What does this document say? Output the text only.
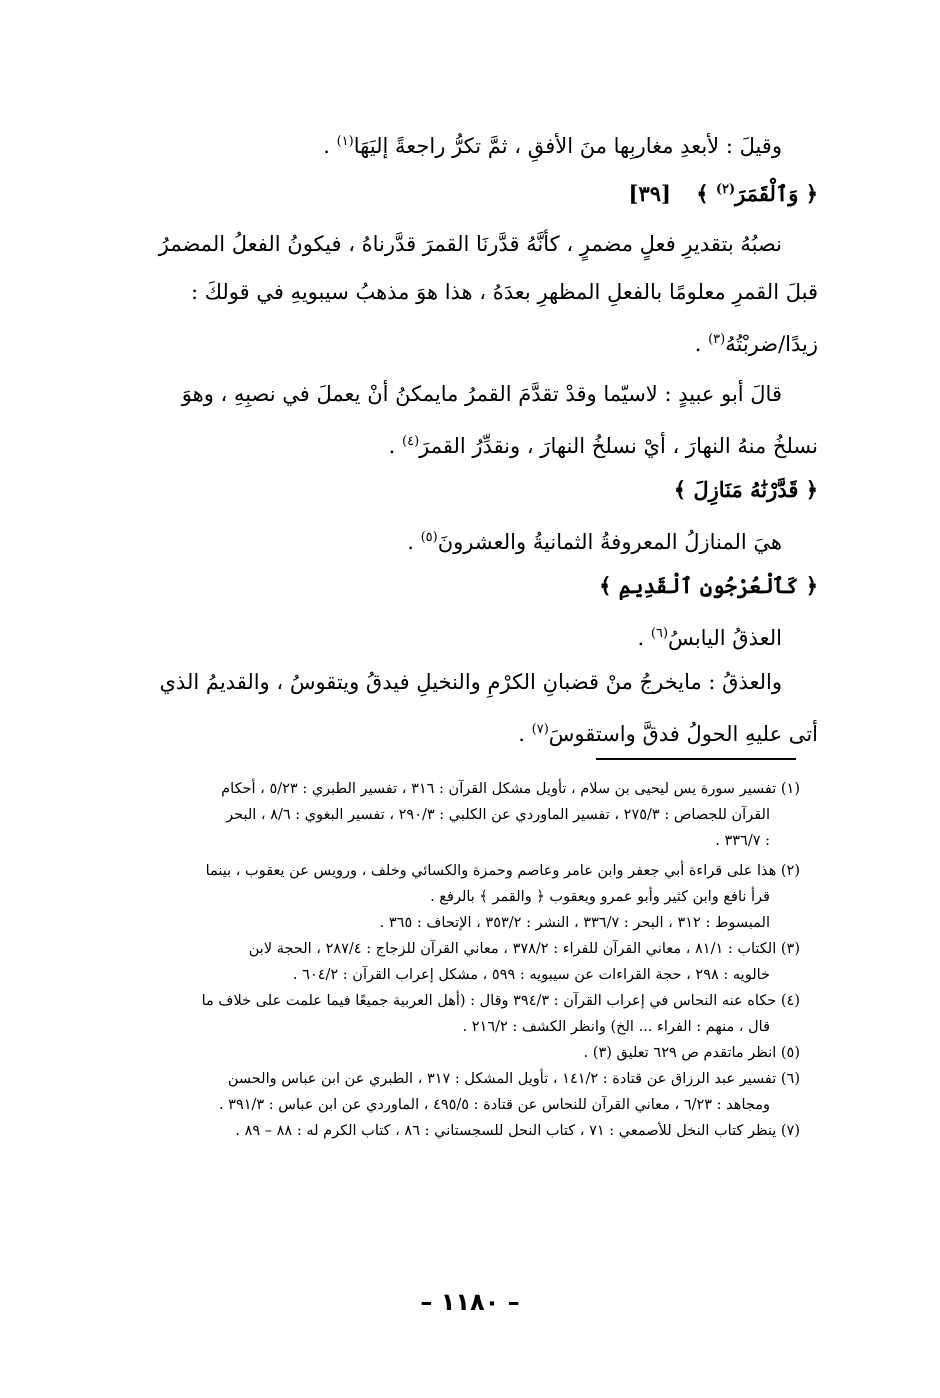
وقيلَ : لأبعدِ مغاربِها منَ الأفقِ ، ثمَّ تكرُّ راجعةً إليَهَا$^{(١)}$ .
﴿ وَٱلْقَمَرَ$^{(٢)}$ ﴾ [٣٩]
نصبُهُ بتقديرِ فعلٍ مضمرٍ ، كأنَّهُ قدَّرنَا القمرَ قدَّرناهُ ، فيكونُ الفعلُ المضمرُ
قبلَ القمرِ معلومًا بالفعلِ المظهرِ بعدَهُ ، هذا هوَ مذهبُ سيبويهِ في قولكَ :
زيدًا/ضربْتُهُ$^{(٣)}$ .
قالَ أبو عبيدٍ : لاسيّما وقدْ تقدَّمَ القمرُ مايمكنُ أنْ يعملَ في نصبِهِ ، وهوَ
نسلخُ منهُ النهارَ ، أيْ نسلخُ النهارَ ، ونقدِّرُ القمرَ$^{(٤)}$ .
﴿ قَدَّرْنَٰهُ مَنَازِلَ ﴾
هيَ المنازلُ المعروفةُ الثمانيةُ والعشرونَ$^{(٥)}$ .
﴿ كَٱلْعُرْجُونِ ٱلْقَدِيمِ ﴾
العذقُ اليابسُ$^{(٦)}$ .
والعذقُ : مايخرجُ منْ قضبانِ الكرْمِ والنخيلِ فيدقُ ويتقوسُ ، والقديمُ الذي
أتى عليهِ الحولُ فدقَّ واستقوسَ$^{(٧)}$ .
(١) تفسير سورة يس ليحيى بن سلام ، تأويل مشكل القرآن : ٣١٦ ، تفسير الطبري : ٥/٢٣ ، أحكام
القرآن للجصاص : ٢٧٥/٣ ، تفسير الماوردي عن الكلبي : ٢٩٠/٣ ، تفسير البغوي : ٨/٦ ، البحر
: ٣٣٦/٧ .
(٢) هذا على قراءة أبي جعفر وابن عامر وعاصم وحمزة والكسائي وخلف ، ورويس عن يعقوب ، بينما
قرأ نافع وابن كثير وأبو عمرو ويعقوب ﴿ والقمر ﴾ بالرفع .
المبسوط : ٣١٢ ، البحر : ٣٣٦/٧ ، النشر : ٣٥٣/٢ ، الإتحاف : ٣٦٥ .
(٣) الكتاب : ٨١/١ ، معاني القرآن للفراء : ٣٧٨/٢ ، معاني القرآن للزجاج : ٢٨٧/٤ ، الحجة لابن
خالويه : ٢٩٨ ، حجة القراءات عن سيبويه : ٥٩٩ ، مشكل إعراب القرآن : ٦٠٤/٢ .
(٤) حكاه عنه النحاس في إعراب القرآن : ٣٩٤/٣ وقال : (أهل العربية جميعًا فيما علمت على خلاف ما
قال ، منهم : الفراء ... الخ) وانظر الكشف : ٢١٦/٢ .
(٥) انظر ماتقدم ص ٦٢٩ تعليق (٣) .
(٦) تفسير عبد الرزاق عن قتادة : ١٤١/٢ ، تأويل المشكل : ٣١٧ ، الطبري عن ابن عباس والحسن
ومجاهد : ٦/٢٣ ، معاني القرآن للنحاس عن قتادة : ٤٩٥/٥ ، الماوردي عن ابن عباس : ٣٩١/٣ .
(٧) ينظر كتاب النخل للأصمعي : ٧١ ، كتاب النحل للسجستاني : ٨٦ ، كتاب الكرم له : ٨٨ – ٨٩ .
– ١١٨٠ –
